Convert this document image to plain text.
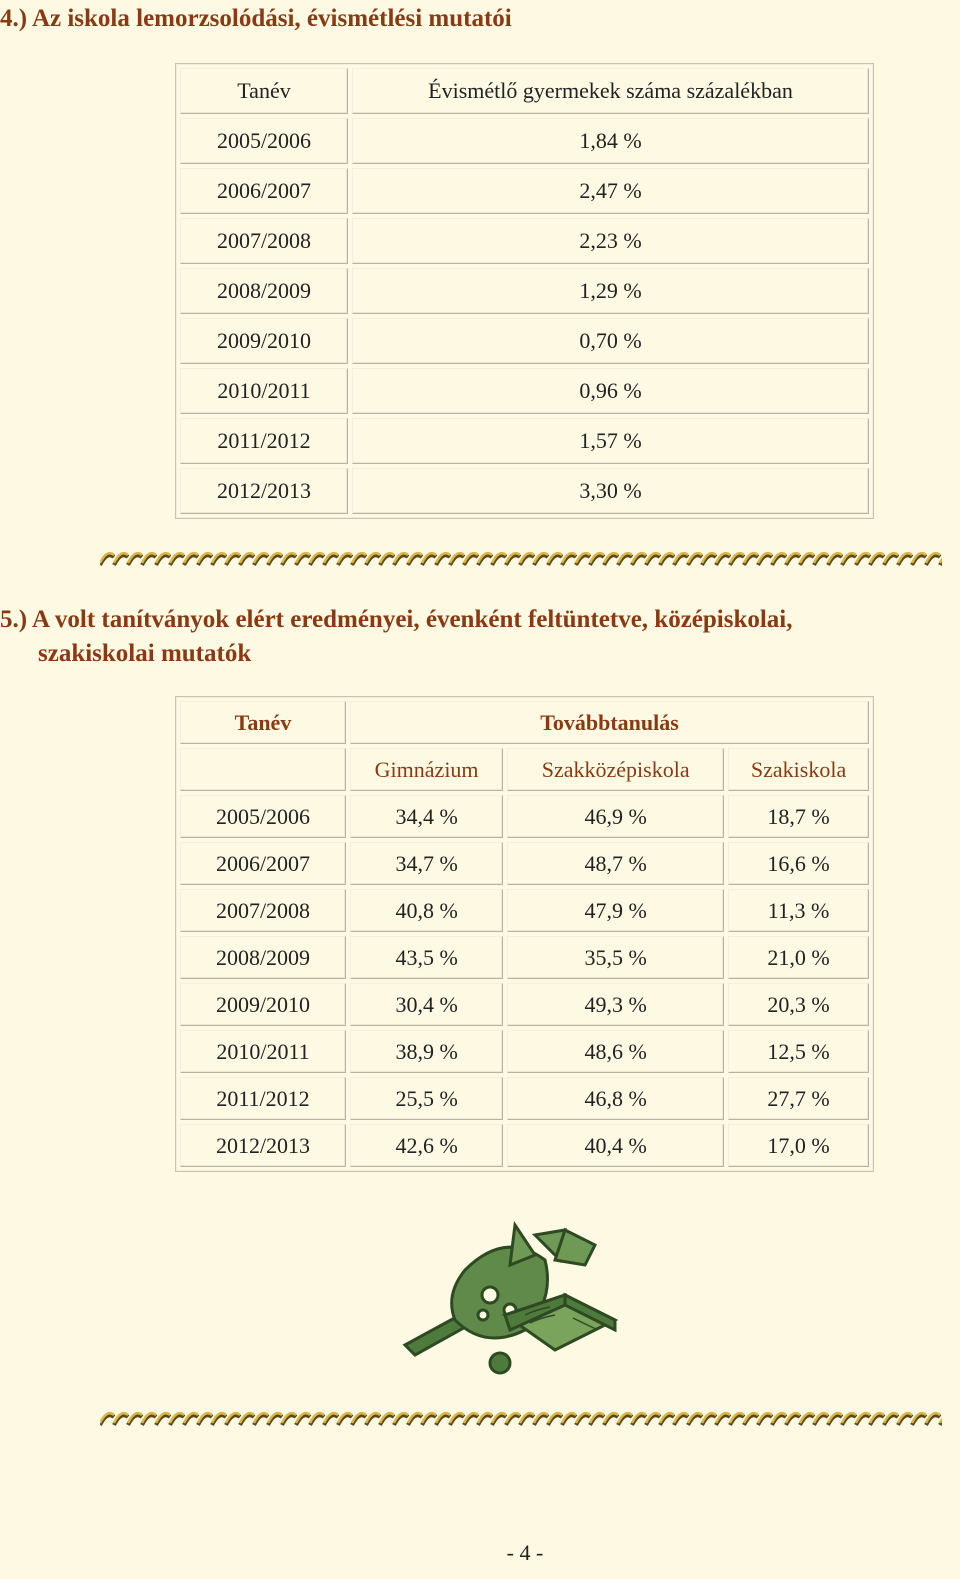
4.) Az iskola lemorzsolódási, évismétlési mutatói
Tanév	Évismétlő gyermekek száma százalékban
2005/2006	1,84 %
2006/2007	2,47 %
2007/2008	2,23 %
2008/2009	1,29 %
2009/2010	0,70 %
2010/2011	0,96 %
2011/2012	1,57 %
2012/2013	3,30 %
5.) A volt tanítványok elért eredményei, évenként feltüntetve, középiskolai,
szakiskolai mutatók
Tanév	Továbbtanulás		
	Gimnázium	Szakközépiskola	Szakiskola
2005/2006	34,4 %	46,9 %	18,7 %
2006/2007	34,7 %	48,7 %	16,6 %
2007/2008	40,8 %	47,9 %	11,3 %
2008/2009	43,5 %	35,5 %	21,0 %
2009/2010	30,4 %	49,3 %	20,3 %
2010/2011	38,9 %	48,6 %	12,5 %
2011/2012	25,5 %	46,8 %	27,7 %
2012/2013	42,6 %	40,4 %	17,0 %
- 4 -
